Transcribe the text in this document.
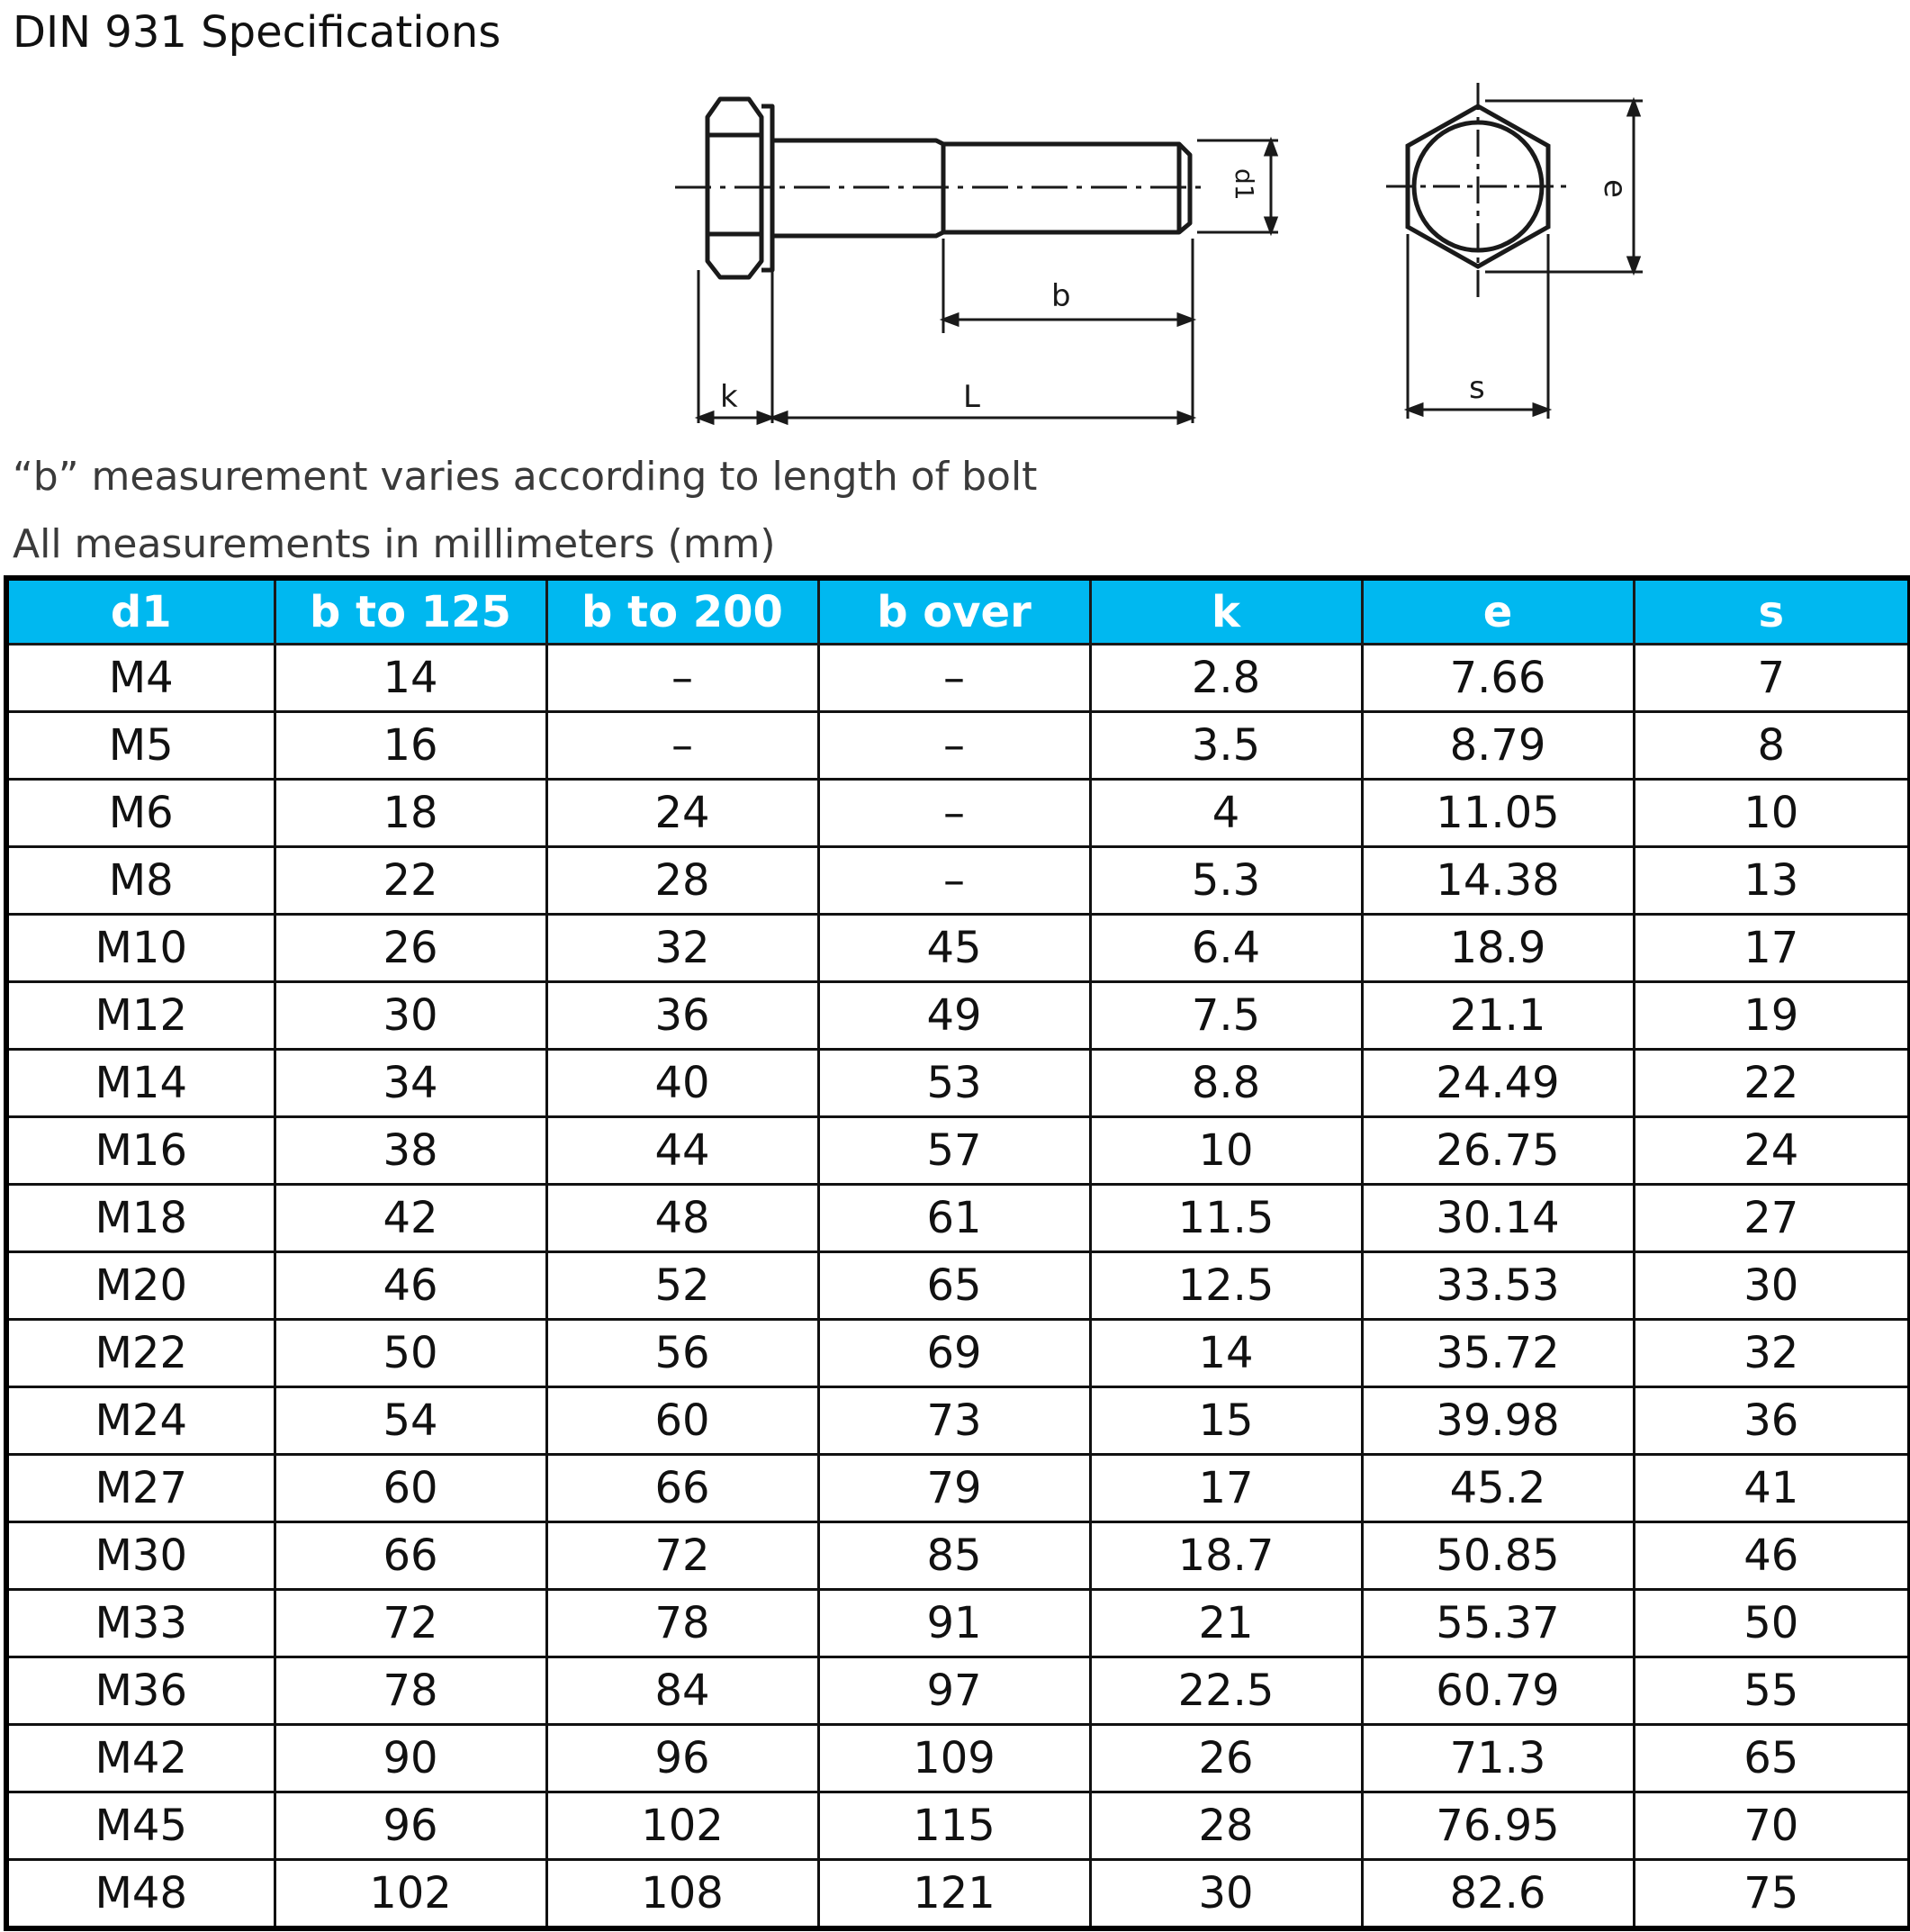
DIN 931 Specifications
k	L
b
d1	e
s
“b” measurement varies according to length of bolt
All measurements in millimeters (mm)
d1	b to 125	b to 200	b over	k	e	s
M4	14	–	–	2.8	7.66	7
M5	16	–	–	3.5	8.79	8
M6	18	24	–	4	11.05	10
M8	22	28	–	5.3	14.38	13
M10	26	32	45	6.4	18.9	17
M12	30	36	49	7.5	21.1	19
M14	34	40	53	8.8	24.49	22
M16	38	44	57	10	26.75	24
M18	42	48	61	11.5	30.14	27
M20	46	52	65	12.5	33.53	30
M22	50	56	69	14	35.72	32
M24	54	60	73	15	39.98	36
M27	60	66	79	17	45.2	41
M30	66	72	85	18.7	50.85	46
M33	72	78	91	21	55.37	50
M36	78	84	97	22.5	60.79	55
M42	90	96	109	26	71.3	65
M45	96	102	115	28	76.95	70
M48	102	108	121	30	82.6	75
